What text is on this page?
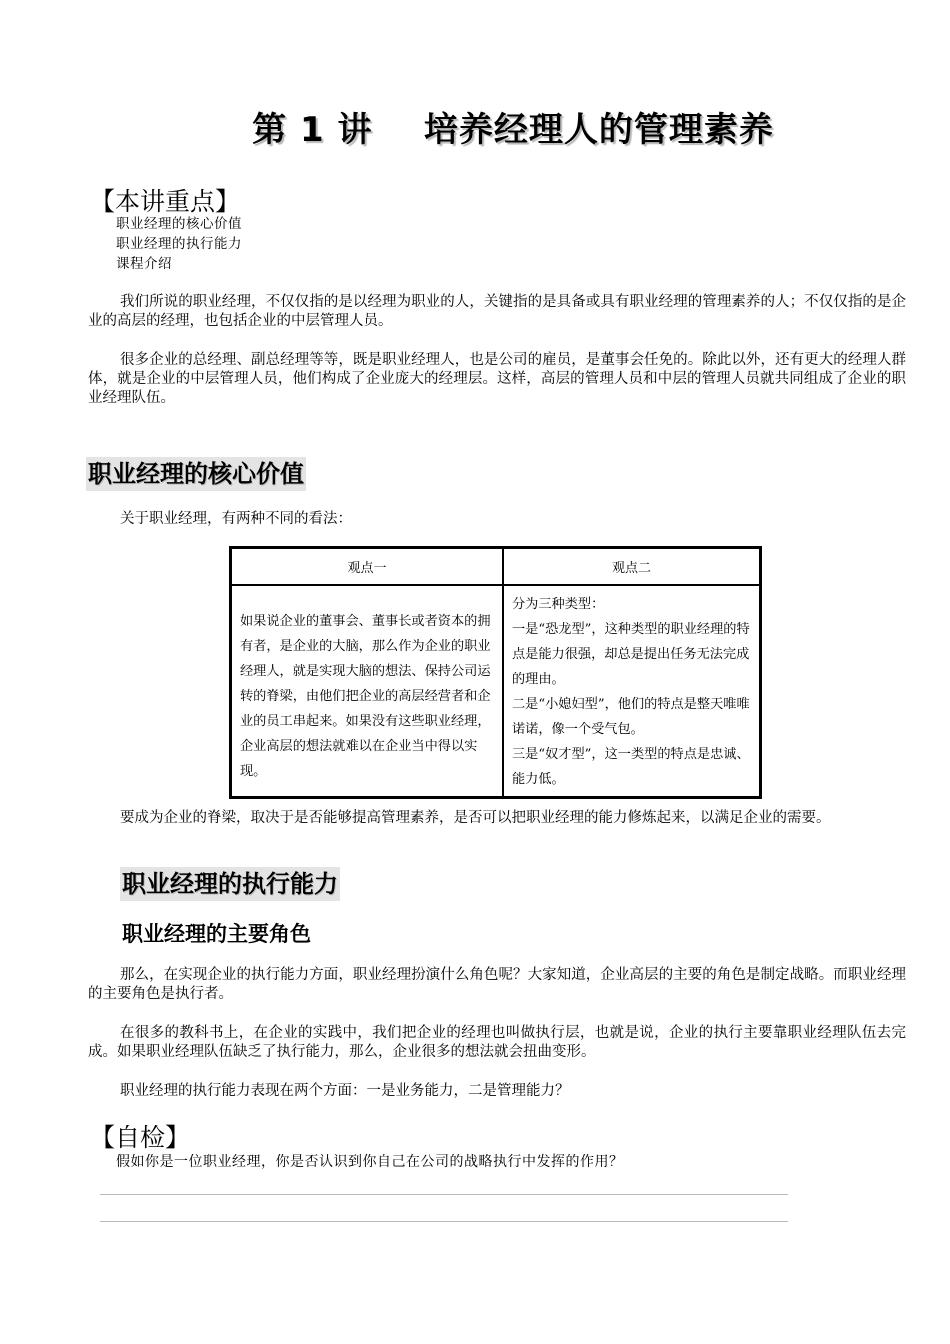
第 1 讲    培养经理人的管理素养
【本讲重点】
职业经理的核心价值
职业经理的执行能力
课程介绍
我们所说的职业经理，不仅仅指的是以经理为职业的人，关键指的是具备或具有职业经理的管理素养的人；不仅仅指的是企业的高层的经理，也包括企业的中层管理人员。
很多企业的总经理、副总经理等等，既是职业经理人，也是公司的雇员，是董事会任免的。除此以外，还有更大的经理人群体，就是企业的中层管理人员，他们构成了企业庞大的经理层。这样，高层的管理人员和中层的管理人员就共同组成了企业的职业经理队伍。
职业经理的核心价值
关于职业经理，有两种不同的看法：
观点一	观点二
如果说企业的董事会、董事长或者资本的拥有者，是企业的大脑，那么作为企业的职业经理人，就是实现大脑的想法、保持公司运转的脊梁，由他们把企业的高层经营者和企业的员工串起来。如果没有这些职业经理，企业高层的想法就难以在企业当中得以实现。	分为三种类型：
一是“恐龙型”，这种类型的职业经理的特点是能力很强，却总是提出任务无法完成的理由。
二是“小媳妇型”，他们的特点是整天唯唯诺诺，像一个受气包。
三是“奴才型”，这一类型的特点是忠诚、能力低。
要成为企业的脊梁，取决于是否能够提高管理素养，是否可以把职业经理的能力修炼起来，以满足企业的需要。
职业经理的执行能力
职业经理的主要角色
那么，在实现企业的执行能力方面，职业经理扮演什么角色呢？大家知道，企业高层的主要的角色是制定战略。而职业经理的主要角色是执行者。
在很多的教科书上，在企业的实践中，我们把企业的经理也叫做执行层，也就是说，企业的执行主要靠职业经理队伍去完成。如果职业经理队伍缺乏了执行能力，那么，企业很多的想法就会扭曲变形。
职业经理的执行能力表现在两个方面：一是业务能力，二是管理能力？
【自检】
假如你是一位职业经理，你是否认识到你自己在公司的战略执行中发挥的作用？
